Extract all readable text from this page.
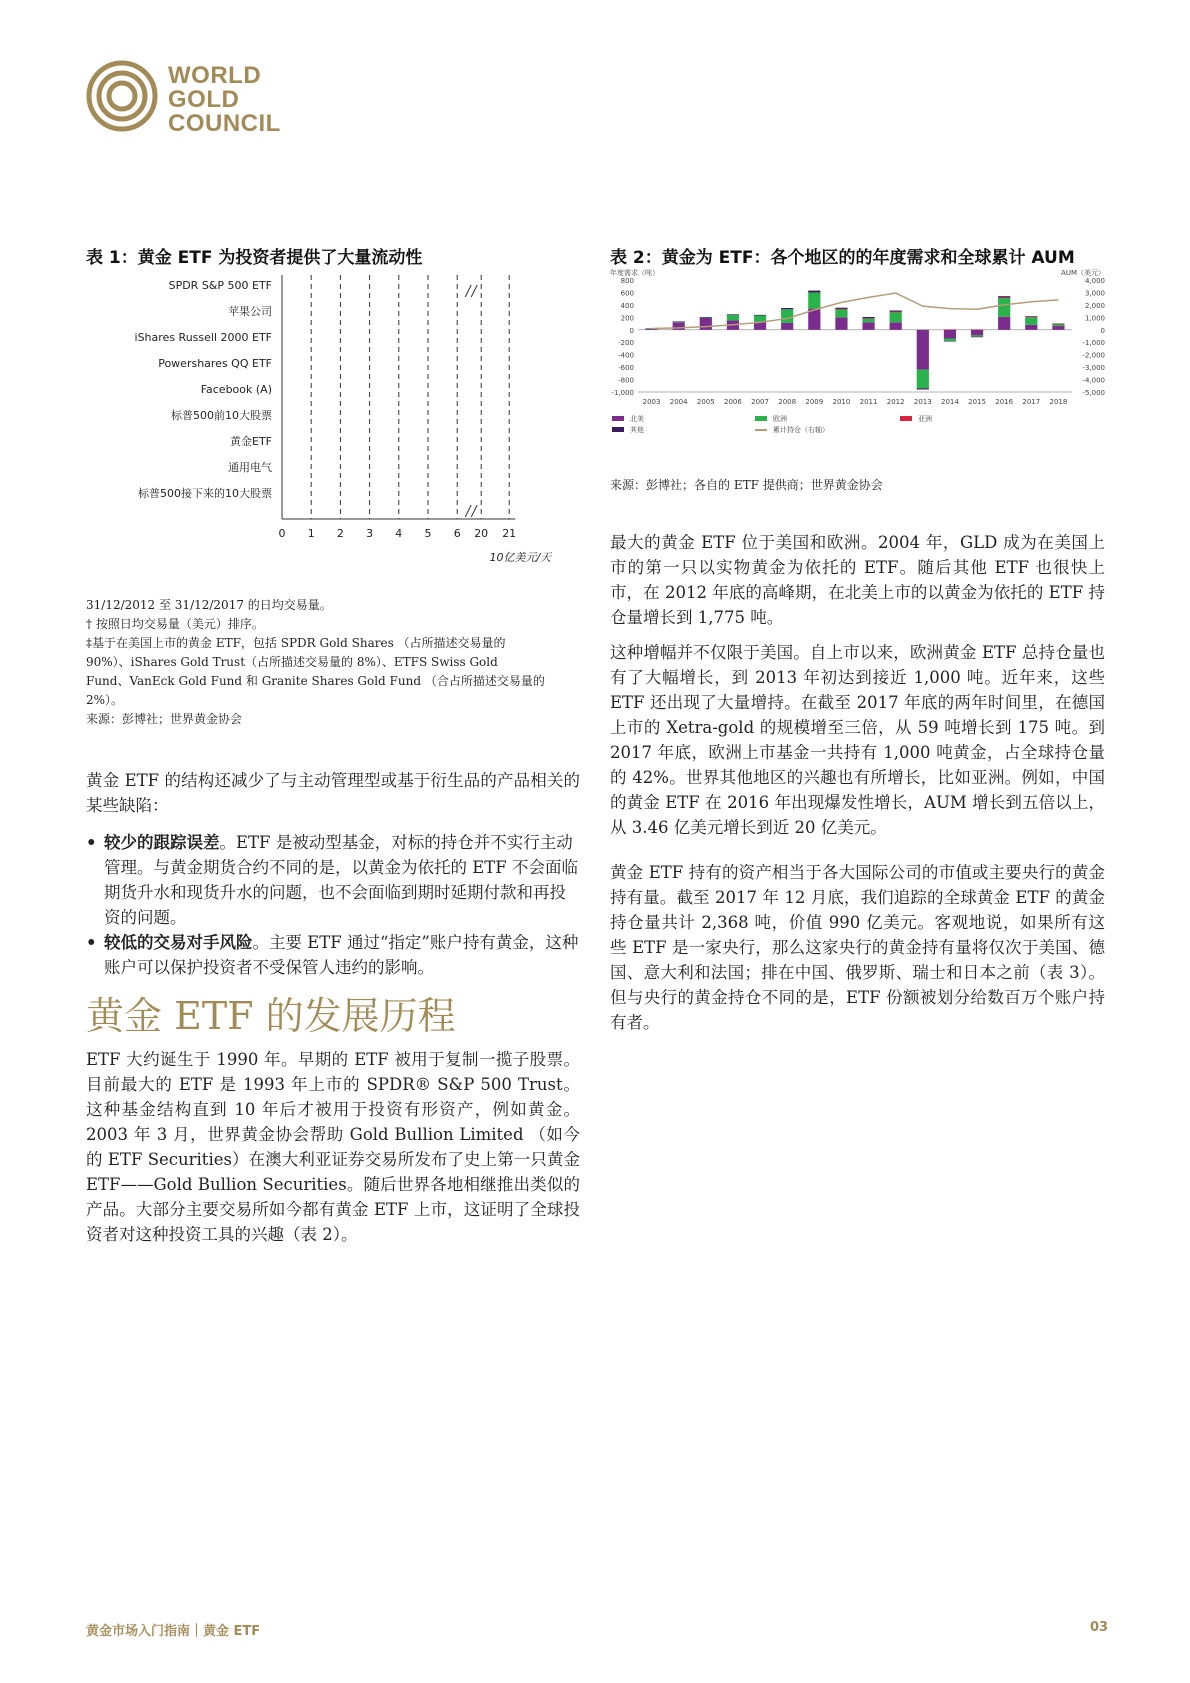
WORLD
GOLD
COUNCIL
表 1：黄金 ETF 为投资者提供了大量流动性
0 1 2 3 4 5 6 20 21
SPDR S&P 500 ETF
苹果公司
iShares Russell 2000 ETF
Powershares QQ ETF
Facebook (A)
标普500前10大股票
黄金ETF
通用电气
标普500接下来的10大股票
10亿美元/天
31/12/2012 至 31/12/2017 的日均交易量。
† 按照日均交易量（美元）排序。
‡基于在美国上市的黄金 ETF，包括 SPDR Gold Shares （占所描述交易量的
90%）、iShares Gold Trust（占所描述交易量的 8%）、ETFS Swiss Gold
Fund、VanEck Gold Fund 和 Granite Shares Gold Fund （合占所描述交易量的
2%）。
来源：彭博社；世界黄金协会
黄金 ETF 的结构还减少了与主动管理型或基于衍生品的产品相关的某些缺陷：
• 较少的跟踪误差。ETF 是被动型基金，对标的持仓并不实行主动管理。与黄金期货合约不同的是，以黄金为依托的 ETF 不会面临期货升水和现货升水的问题，也不会面临到期时延期付款和再投资的问题。
• 较低的交易对手风险。主要 ETF 通过“指定”账户持有黄金，这种账户可以保护投资者不受保管人违约的影响。
黄金 ETF 的发展历程
ETF 大约诞生于 1990 年。早期的 ETF 被用于复制一揽子股票。目前最大的 ETF 是 1993 年上市的 SPDR® S&P 500 Trust。这种基金结构直到 10 年后才被用于投资有形资产，例如黄金。2003 年 3 月，世界黄金协会帮助 Gold Bullion Limited （如今的 ETF Securities）在澳大利亚证券交易所发布了史上第一只黄金 ETF——Gold Bullion Securities。随后世界各地相继推出类似的产品。大部分主要交易所如今都有黄金 ETF 上市，这证明了全球投资者对这种投资工具的兴趣（表 2）。
表 2：黄金为 ETF：各个地区的的年度需求和全球累计 AUM
年度需求（吨）	AUM（美元）
800
600
400
200
0
-200
-400
-600
-800
-1,000
4,000
3,000
2,000
1,000
0
-1,000
-2,000
-3,000
-4,000
-5,000
2003 2004 2005 2006 2007 2008 2009 2010 2011 2012 2013 2014 2015 2016 2017 2018
北美
其他
欧洲
累计持仓（右轴）
亚洲
来源：彭博社；各自的 ETF 提供商；世界黄金协会

最大的黄金 ETF 位于美国和欧洲。2004 年，GLD 成为在美国上市的第一只以实物黄金为依托的 ETF。随后其他 ETF 也很快上市，在 2012 年底的高峰期，在北美上市的以黄金为依托的 ETF 持仓量增长到 1,775 吨。

这种增幅并不仅限于美国。自上市以来，欧洲黄金 ETF 总持仓量也有了大幅增长，到 2013 年初达到接近 1,000 吨。近年来，这些 ETF 还出现了大量增持。在截至 2017 年底的两年时间里，在德国上市的 Xetra-gold 的规模增至三倍，从 59 吨增长到 175 吨。到 2017 年底，欧洲上市基金一共持有 1,000 吨黄金，占全球持仓量的 42%。世界其他地区的兴趣也有所增长，比如亚洲。例如，中国的黄金 ETF 在 2016 年出现爆发性增长，AUM 增长到五倍以上，从 3.46 亿美元增长到近 20 亿美元。

黄金 ETF 持有的资产相当于各大国际公司的市值或主要央行的黄金持有量。截至 2017 年 12 月底，我们追踪的全球黄金 ETF 的黄金持仓量共计 2,368 吨，价值 990 亿美元。客观地说，如果所有这些 ETF 是一家央行，那么这家央行的黄金持有量将仅次于美国、德国、意大利和法国；排在中国、俄罗斯、瑞士和日本之前（表 3）。但与央行的黄金持仓不同的是，ETF 份额被划分给数百万个账户持有者。

黄金市场入门指南｜黄金 ETF	03
